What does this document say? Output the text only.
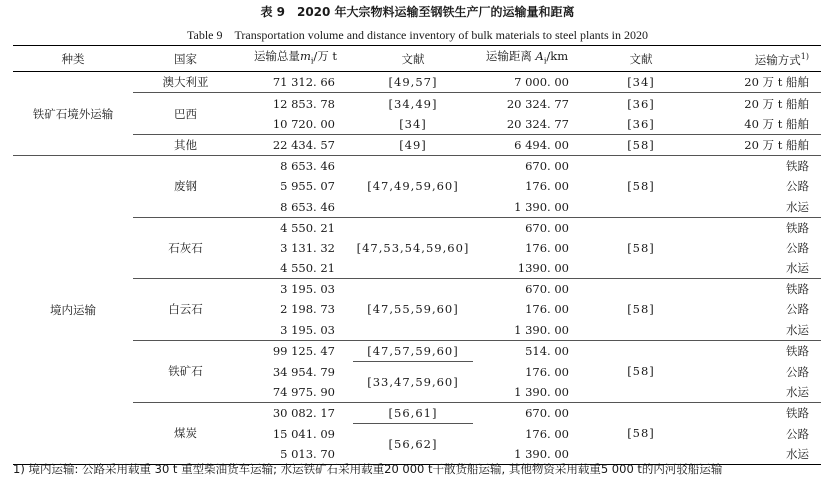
表 9　2020 年大宗物料运输至钢铁生产厂的运输量和距离
Table 9　Transportation volume and distance inventory of bulk materials to steel plants in 2020
种类	国家	运输总量$m_i/$万 t	文献	运输距离 $A_i/km$	文献	运输方式$^{1)}$
铁矿石境外运输	澳大利亚	71 312. 66	[49,57]	7 000. 00	[34]	20 万 t 船舶
	巴西	12 853. 78	[34,49]	20 324. 77	[36]	20 万 t 船舶
		10 720. 00	[34]	20 324. 77	[36]	40 万 t 船舶
	其他	22 434. 57	[49]	6 494. 00	[58]	20 万 t 船舶
境内运输	废钢	8 653. 46	[47,49,59,60]	670. 00	[58]	铁路
		5 955. 07		176. 00		公路
		8 653. 46		1 390. 00		水运
	石灰石	4 550. 21	[47,53,54,59,60]	670. 00	[58]	铁路
		3 131. 32		176. 00		公路
		4 550. 21		1390. 00		水运
	白云石	3 195. 03	[47,55,59,60]	670. 00	[58]	铁路
		2 198. 73		176. 00		公路
		3 195. 03		1 390. 00		水运
	铁矿石	99 125. 47	[47,57,59,60]	514. 00	[58]	铁路
		34 954. 79	[33,47,59,60]	176. 00		公路
		74 975. 90		1 390. 00		水运
	煤炭	30 082. 17	[56,61]	670. 00	[58]	铁路
		15 041. 09	[56,62]	176. 00		公路
		5 013. 70		1 390. 00		水运
1) 境内运输: 公路采用载重 30 t 重型柴油货车运输; 水运铁矿石采用载重20 000 t干散货船运输, 其他物资采用载重5 000 t的内河驳船运输
